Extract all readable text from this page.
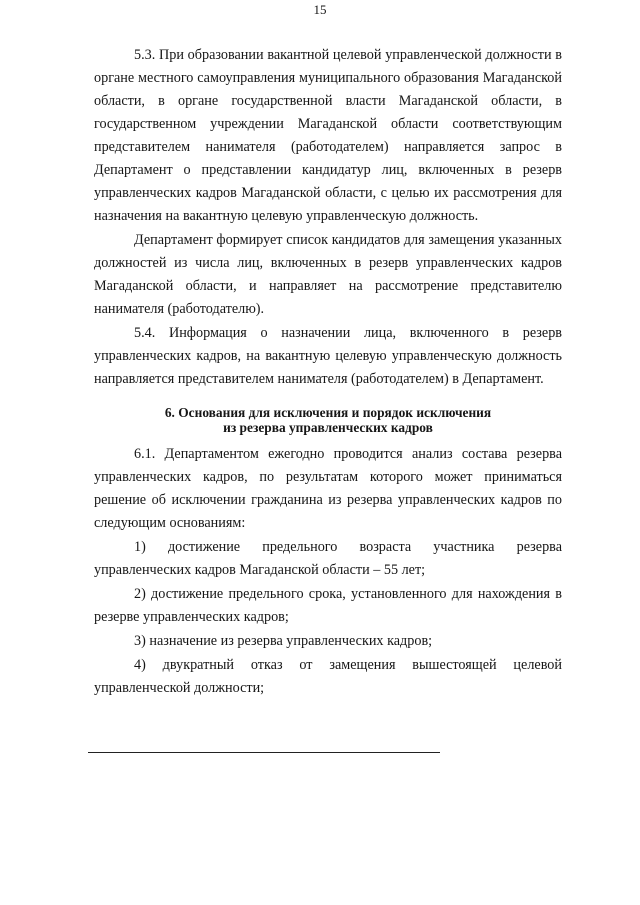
15

5.3. При образовании вакантной целевой управленческой должности в органе местного самоуправления муниципального образования Магаданской области, в органе государственной власти Магаданской области, в государственном учреждении Магаданской области соответствующим представителем нанимателя (работодателем) направляется запрос в Департамент о представлении кандидатур лиц, включенных в резерв управленческих кадров Магаданской области, с целью их рассмотрения для назначения на вакантную целевую управленческую должность.

Департамент формирует список кандидатов для замещения указанных должностей из числа лиц, включенных в резерв управленческих кадров Магаданской области, и направляет на рассмотрение представителю нанимателя (работодателю).

5.4. Информация о назначении лица, включенного в резерв управленческих кадров, на вакантную целевую управленческую должность направляется представителем нанимателя (работодателем) в Департамент.

6. Основания для исключения и порядок исключения
из резерва управленческих кадров

6.1. Департаментом ежегодно проводится анализ состава резерва управленческих кадров, по результатам которого может приниматься решение об исключении гражданина из резерва управленческих кадров по следующим основаниям:

1) достижение предельного возраста участника резерва управленческих кадров Магаданской области – 55 лет;

2) достижение предельного срока, установленного для нахождения в резерве управленческих кадров;

3) назначение из резерва управленческих кадров;

4) двукратный отказ от замещения вышестоящей целевой управленческой должности;
